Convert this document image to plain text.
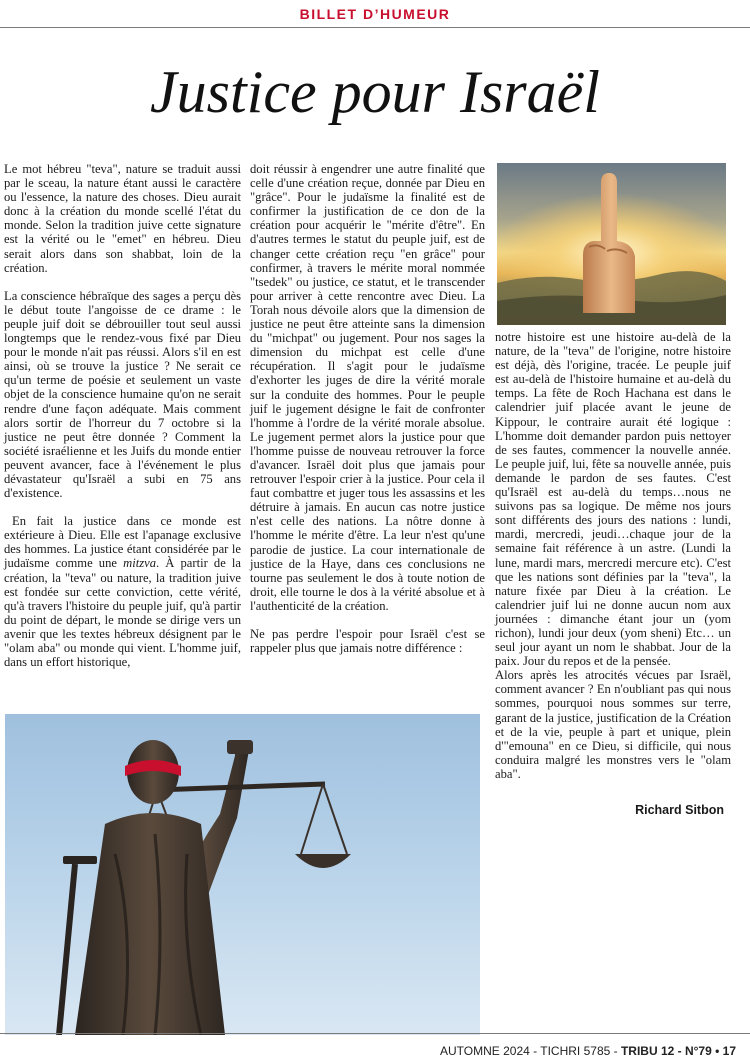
BILLET D’HUMEUR
Justice pour Israël

Le mot hébreu "teva", nature se traduit aussi par le sceau, la nature étant aussi le caractère ou l'essence, la nature des choses. Dieu aurait donc à la création du monde scellé l'état du monde. Selon la tradition juive cette signature est la vérité ou le "emet" en hébreu. Dieu serait alors dans son shabbat, loin de la création.

La conscience hébraïque des sages a perçu dès le début toute l'angoisse de ce drame : le peuple juif doit se débrouiller tout seul aussi longtemps que le rendez-vous fixé par Dieu pour le monde n'ait pas réussi. Alors s'il en est ainsi, où se trouve la justice ? Ne serait ce qu'un terme de poésie et seulement un vaste objet de la conscience humaine qu'on ne serait rendre d'une façon adéquate. Mais comment alors sortir de l'horreur du 7 octobre si la justice ne peut être donnée ? Comment la société israélienne et les Juifs du monde entier peuvent avancer, face à l'événement le plus dévastateur qu'Israël a subi en 75 ans d'existence.

En fait la justice dans ce monde est extérieure à Dieu. Elle est l'apanage exclusive des hommes. La justice étant considérée par le judaïsme comme une mitzva. À partir de la création, la "teva" ou nature, la tradition juive est fondée sur cette conviction, cette vérité, qu'à travers l'histoire du peuple juif, qu'à partir du point de départ, le monde se dirige vers un avenir que les textes hébreux désignent par le "olam aba" ou monde qui vient. L'homme juif, dans un effort historique,

doit réussir à engendrer une autre finalité que celle d'une création reçue, donnée par Dieu en "grâce". Pour le judaïsme la finalité est de confirmer la justification de ce don de la création pour acquérir le "mérite d'être". En d'autres termes le statut du peuple juif, est de changer cette création reçu "en grâce" pour confirmer, à travers le mérite moral nommée "tsedek" ou justice, ce statut, et le transcender pour arriver à cette rencontre avec Dieu. La Torah nous dévoile alors que la dimension de justice ne peut être atteinte sans la dimension du "michpat" ou jugement. Pour nos sages la dimension du michpat est celle d'une récupération. Il s'agit pour le judaïsme d'exhorter les juges de dire la vérité morale sur la conduite des hommes. Pour le peuple juif le jugement désigne le fait de confronter l'homme à l'ordre de la vérité morale absolue. Le jugement permet alors la justice pour que l'homme puisse de nouveau retrouver la force d'avancer. Israël doit plus que jamais pour retrouver l'espoir crier à la justice. Pour cela il faut combattre et juger tous les assassins et les détruire à jamais. En aucun cas notre justice n'est celle des nations. La nôtre donne à l'homme le mérite d'être. La leur n'est qu'une parodie de justice. La cour internationale de justice de la Haye, dans ces conclusions ne tourne pas seulement le dos à toute notion de droit, elle tourne le dos à la vérité absolue et à l'authenticité de la création.

Ne pas perdre l'espoir pour Israël c'est se rappeler plus que jamais notre différence :

notre histoire est une histoire au-delà de la nature, de la "teva" de l'origine, notre histoire est déjà, dès l'origine, tracée. Le peuple juif est au-delà de l'histoire humaine et au-delà du temps. La fête de Roch Hachana est dans le calendrier juif placée avant le jeune de Kippour, le contraire aurait été logique : L'homme doit demander pardon puis nettoyer de ses fautes, commencer la nouvelle année. Le peuple juif, lui, fête sa nouvelle année, puis demande le pardon de ses fautes. C'est qu'Israël est au-delà du temps…nous ne suivons pas sa logique. De même nos jours sont différents des jours des nations : lundi, mardi, mercredi, jeudi…chaque jour de la semaine fait référence à un astre. (Lundi la lune, mardi mars, mercredi mercure etc). C'est que les nations sont définies par la "teva", la nature fixée par Dieu à la création. Le calendrier juif lui ne donne aucun nom aux journées : dimanche étant jour un (yom richon), lundi jour deux (yom sheni) Etc… un seul jour ayant un nom le shabbat. Jour de la paix. Jour du repos et de la pensée.

Alors après les atrocités vécues par Israël, comment avancer ? En n'oubliant pas qui nous sommes, pourquoi nous sommes sur terre, garant de la justice, justification de la Création et de la vie, peuple à part et unique, plein d'"emouna" en ce Dieu, si difficile, qui nous conduira malgré les monstres vers le "olam aba".

Richard Sitbon
AUTOMNE 2024 - TICHRI 5785 - TRIBU 12 - N°79 • 17
